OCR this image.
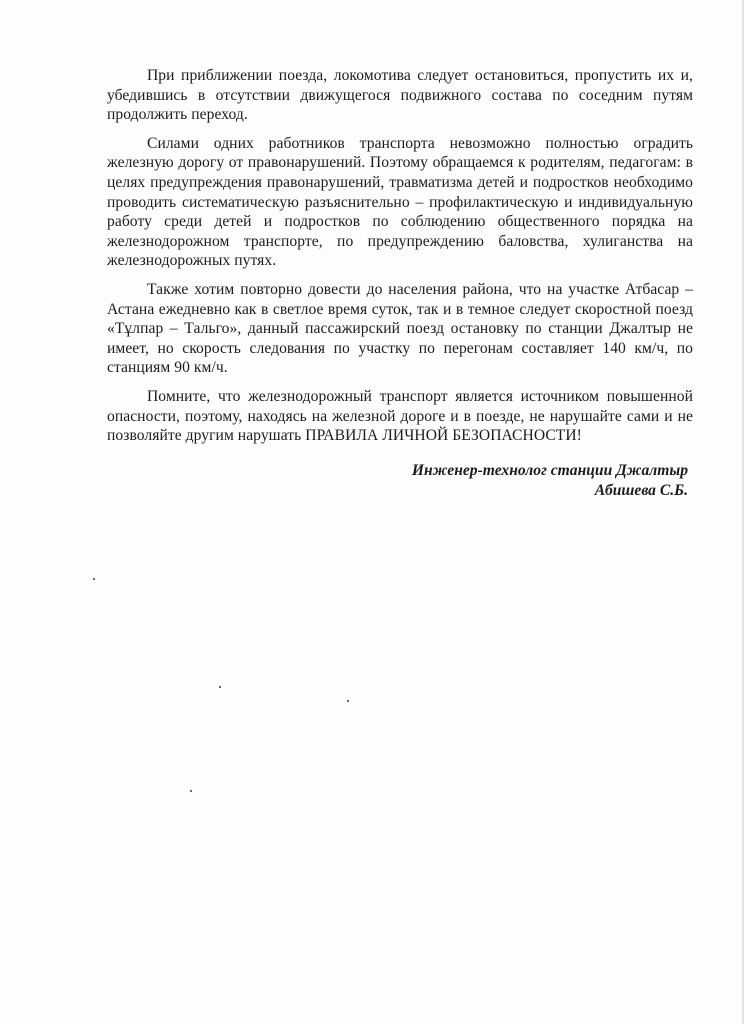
При приближении поезда, локомотива следует остановиться, пропустить их и, убедившись в отсутствии движущегося подвижного состава по соседним путям продолжить переход.

Силами одних работников транспорта невозможно полностью оградить железную дорогу от правонарушений. Поэтому обращаемся к родителям, педагогам: в целях предупреждения правонарушений, травматизма детей и подростков необходимо проводить систематическую разъяснительно – профилактическую и индивидуальную работу среди детей и подростков по соблюдению общественного порядка на железнодорожном транспорте, по предупреждению баловства, хулиганства на железнодорожных путях.

Также хотим повторно довести до населения района, что на участке Атбасар – Астана ежедневно как в светлое время суток, так и в темное следует скоростной поезд «Тұлпар – Тальго», данный пассажирский поезд остановку по станции Джалтыр не имеет, но скорость следования по участку по перегонам составляет 140 км/ч, по станциям 90 км/ч.

Помните, что железнодорожный транспорт является источником повышенной опасности, поэтому, находясь на железной дороге и в поезде, не нарушайте сами и не позволяйте другим нарушать ПРАВИЛА ЛИЧНОЙ БЕЗОПАСНОСТИ!

Инженер-технолог станции Джалтыр
Абишева С.Б.
